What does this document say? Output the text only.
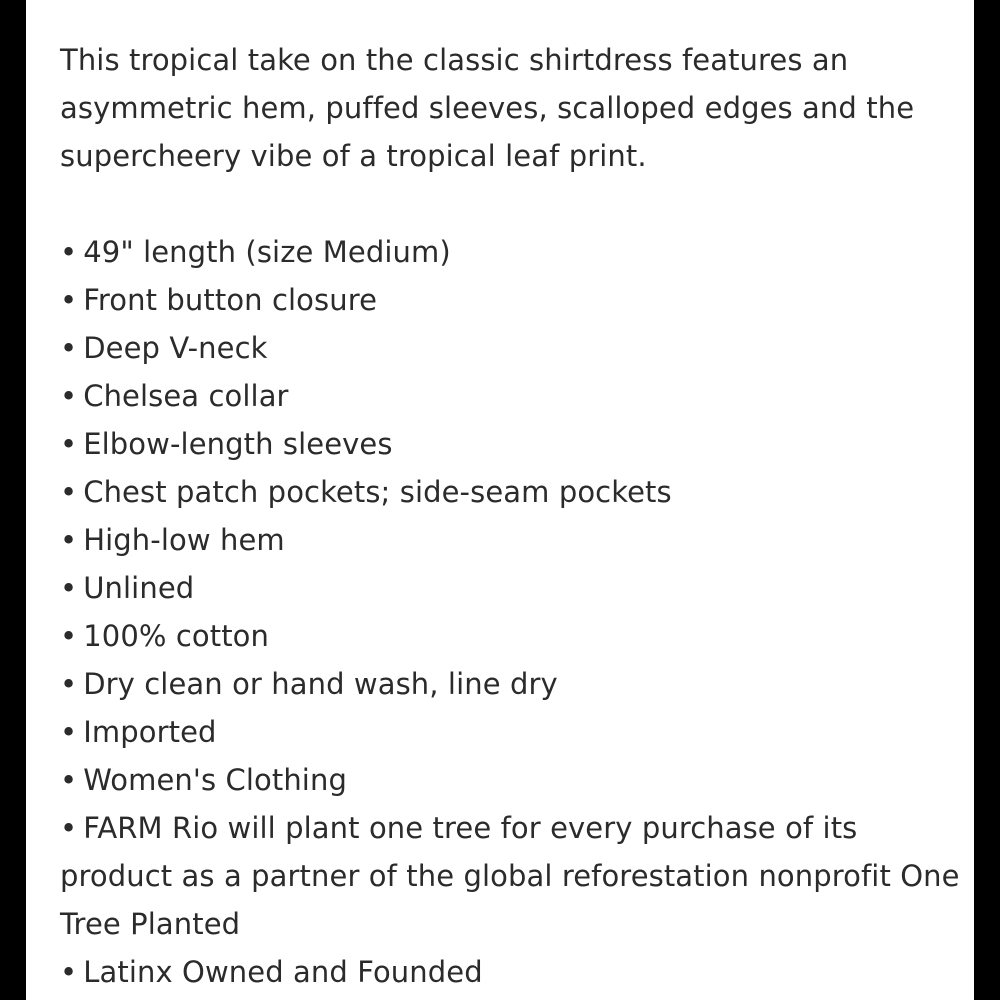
This tropical take on the classic shirtdress features an asymmetric hem, puffed sleeves, scalloped edges and the supercheery vibe of a tropical leaf print.

• 49" length (size Medium)
• Front button closure
• Deep V-neck
• Chelsea collar
• Elbow-length sleeves
• Chest patch pockets; side-seam pockets
• High-low hem
• Unlined
• 100% cotton
• Dry clean or hand wash, line dry
• Imported
• Women's Clothing
• FARM Rio will plant one tree for every purchase of its product as a partner of the global reforestation nonprofit One Tree Planted
• Latinx Owned and Founded
